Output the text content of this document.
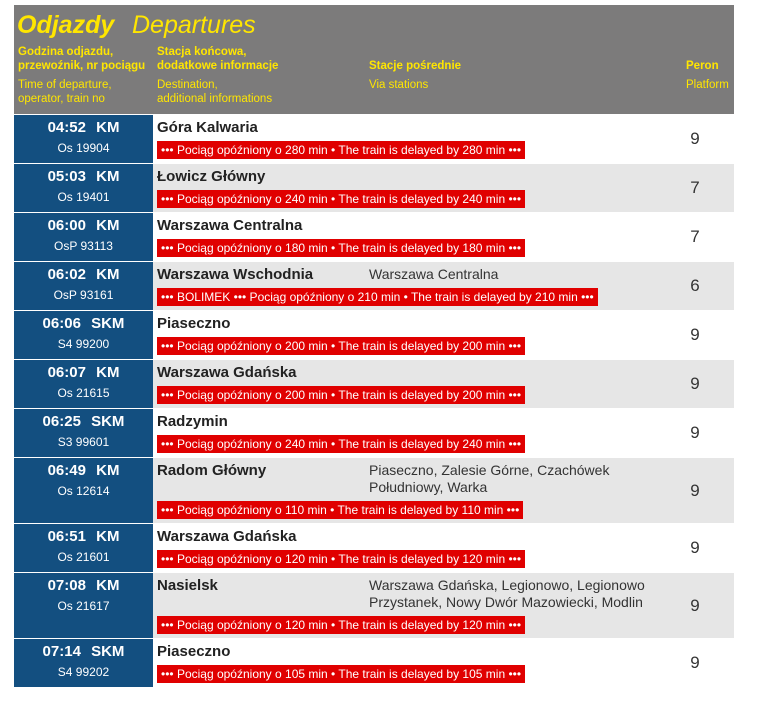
Odjazdy Departures
Godzina odjazdu, przewoźnik, nr pociągu
Time of departure,
operator, train no
Stacja końcowa,
dodatkowe informacje
Destination,
additional informations
Stacje pośrednie
Via stations
Peron
Platform
04:52 KM
Os 19904
Góra Kalwaria
••• Pociąg opóźniony o 280 min • The train is delayed by 280 min •••
9
05:03 KM
Os 19401
Łowicz Główny
••• Pociąg opóźniony o 240 min • The train is delayed by 240 min •••
7
06:00 KM
OsP 93113
Warszawa Centralna
••• Pociąg opóźniony o 180 min • The train is delayed by 180 min •••
7
06:02 KM
OsP 93161
Warszawa Wschodnia	Warszawa Centralna
••• BOLIMEK ••• Pociąg opóźniony o 210 min • The train is delayed by 210 min •••
6
06:06 SKM
S4 99200
Piaseczno
••• Pociąg opóźniony o 200 min • The train is delayed by 200 min •••
9
06:07 KM
Os 21615
Warszawa Gdańska
••• Pociąg opóźniony o 200 min • The train is delayed by 200 min •••
9
06:25 SKM
S3 99601
Radzymin
••• Pociąg opóźniony o 240 min • The train is delayed by 240 min •••
9
06:49 KM
Os 12614
Radom Główny	Piaseczno, Zalesie Górne, Czachówek Południowy, Warka
••• Pociąg opóźniony o 110 min • The train is delayed by 110 min •••
9
06:51 KM
Os 21601
Warszawa Gdańska
••• Pociąg opóźniony o 120 min • The train is delayed by 120 min •••
9
07:08 KM
Os 21617
Nasielsk	Warszawa Gdańska, Legionowo, Legionowo Przystanek, Nowy Dwór Mazowiecki, Modlin
••• Pociąg opóźniony o 120 min • The train is delayed by 120 min •••
9
07:14 SKM
S4 99202
Piaseczno
••• Pociąg opóźniony o 105 min • The train is delayed by 105 min •••
9
